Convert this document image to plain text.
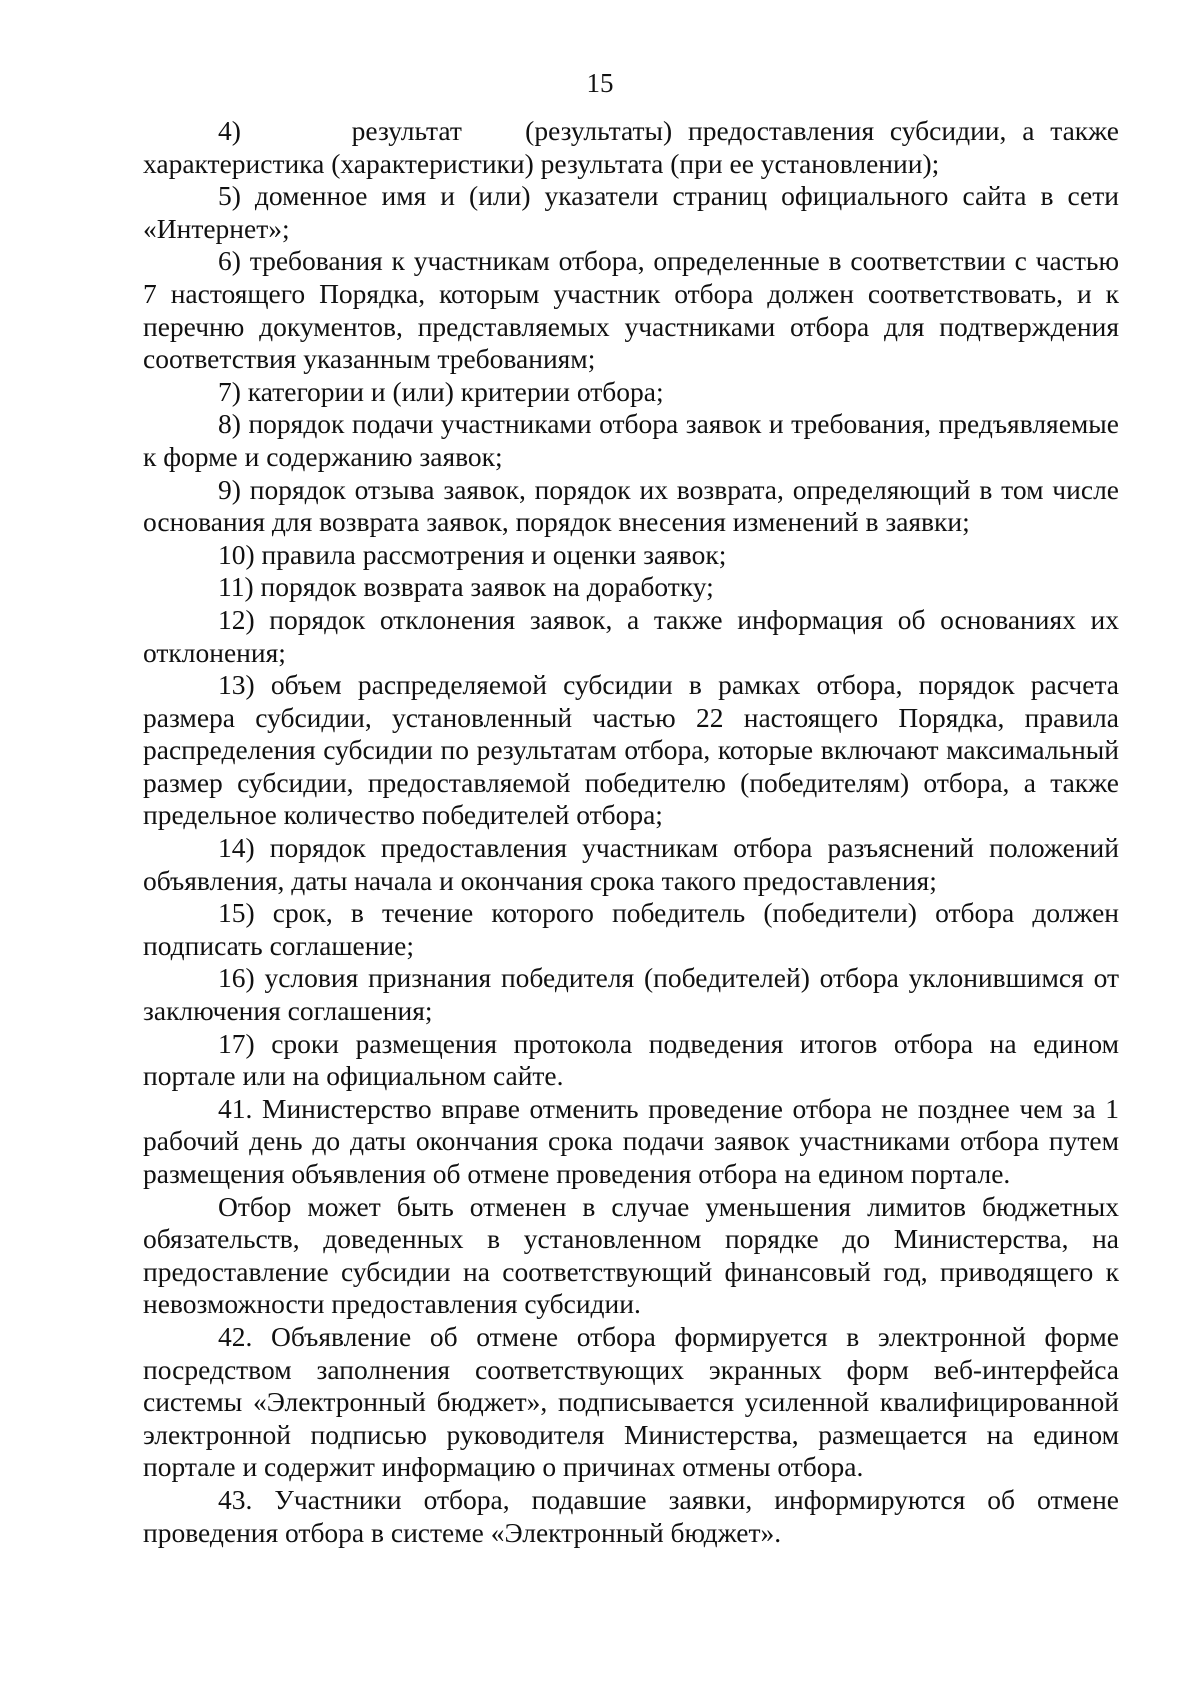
15

4)       результат    (результаты) предоставления субсидии, а также характеристика (характеристики) результата (при ее установлении);

5) доменное имя и (или) указатели страниц официального сайта в сети «Интернет»;

6) требования к участникам отбора, определенные в соответствии с частью 7 настоящего Порядка, которым участник отбора должен соответствовать, и к перечню документов, представляемых участниками отбора для подтверждения соответствия указанным требованиям;

7) категории и (или) критерии отбора;

8) порядок подачи участниками отбора заявок и требования, предъявляемые к форме и содержанию заявок;

9) порядок отзыва заявок, порядок их возврата, определяющий в том числе основания для возврата заявок, порядок внесения изменений в заявки;

10) правила рассмотрения и оценки заявок;

11) порядок возврата заявок на доработку;

12) порядок отклонения заявок, а также информация об основаниях их отклонения;

13) объем распределяемой субсидии в рамках отбора, порядок расчета размера субсидии, установленный частью 22 настоящего Порядка, правила распределения субсидии по результатам отбора, которые включают максимальный размер субсидии, предоставляемой победителю (победителям) отбора, а также предельное количество победителей отбора;

14) порядок предоставления участникам отбора разъяснений положений объявления, даты начала и окончания срока такого предоставления;

15) срок, в течение которого победитель (победители) отбора должен подписать соглашение;

16) условия признания победителя (победителей) отбора уклонившимся от заключения соглашения;

17) сроки размещения протокола подведения итогов отбора на едином портале или на официальном сайте.

41. Министерство вправе отменить проведение отбора не позднее чем за 1 рабочий день до даты окончания срока подачи заявок участниками отбора путем размещения объявления об отмене проведения отбора на едином портале.

Отбор может быть отменен в случае уменьшения лимитов бюджетных обязательств, доведенных в установленном порядке до Министерства, на предоставление субсидии на соответствующий финансовый год, приводящего к невозможности предоставления субсидии.

42. Объявление об отмене отбора формируется в электронной форме посредством заполнения соответствующих экранных форм веб-интерфейса системы «Электронный бюджет», подписывается усиленной квалифицированной электронной подписью руководителя Министерства, размещается на едином портале и содержит информацию о причинах отмены отбора.

43. Участники отбора, подавшие заявки, информируются об отмене проведения отбора в системе «Электронный бюджет».
